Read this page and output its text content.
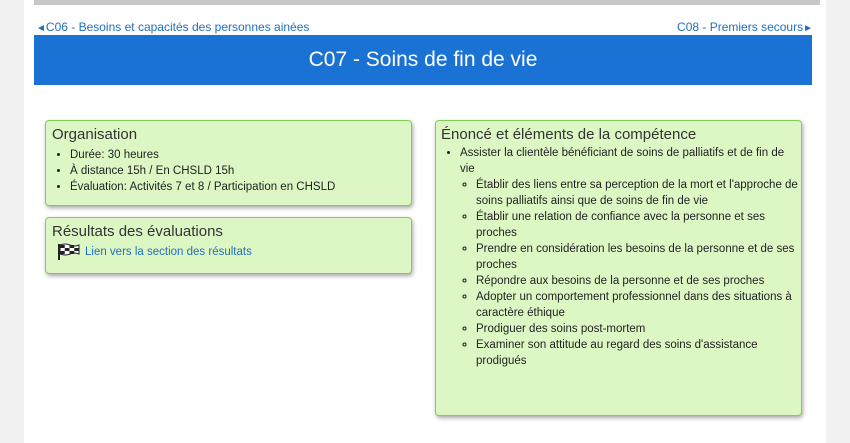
◄C06 - Besoins et capacités des personnes ainées	C08 - Premiers secours►
C07 - Soins de fin de vie
Organisation
• Durée: 30 heures
• À distance 15h / En CHSLD 15h
• Évaluation: Activités 7 et 8 / Participation en CHSLD
Résultats des évaluations
Lien vers la section des résultats
Énoncé et éléments de la compétence
• Assister la clientèle bénéficiant de soins de palliatifs et de fin de vie
◦ Établir des liens entre sa perception de la mort et l'approche de soins palliatifs ainsi que de soins de fin de vie
◦ Établir une relation de confiance avec la personne et ses proches
◦ Prendre en considération les besoins de la personne et de ses proches
◦ Répondre aux besoins de la personne et de ses proches
◦ Adopter un comportement professionnel dans des situations à caractère éthique
◦ Prodiguer des soins post-mortem
◦ Examiner son attitude au regard des soins d'assistance prodigués
